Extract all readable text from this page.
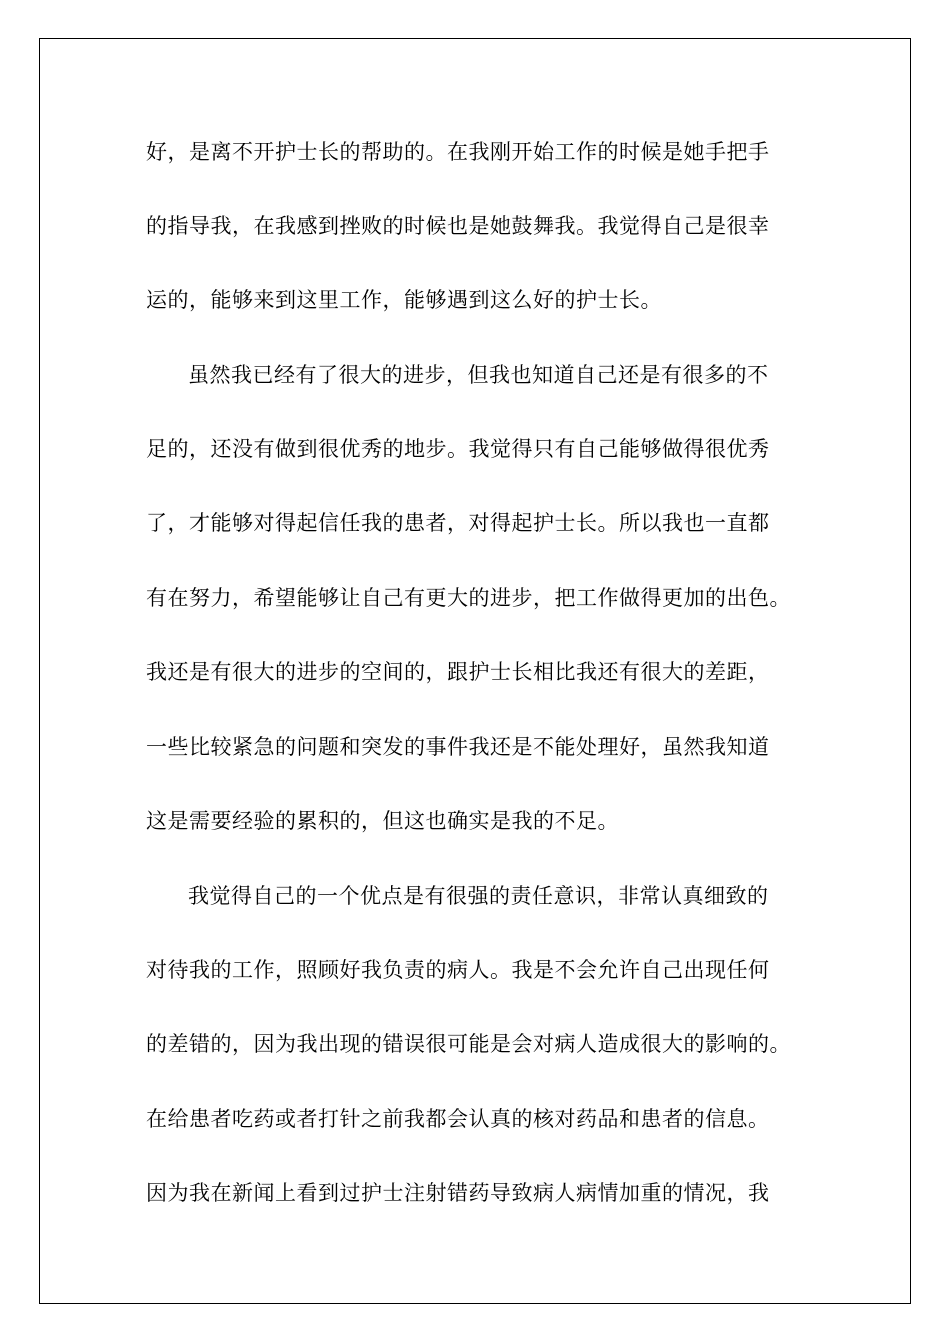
好，是离不开护士长的帮助的。在我刚开始工作的时候是她手把手
的指导我，在我感到挫败的时候也是她鼓舞我。我觉得自己是很幸
运的，能够来到这里工作，能够遇到这么好的护士长。
虽然我已经有了很大的进步，但我也知道自己还是有很多的不
足的，还没有做到很优秀的地步。我觉得只有自己能够做得很优秀
了，才能够对得起信任我的患者，对得起护士长。所以我也一直都
有在努力，希望能够让自己有更大的进步，把工作做得更加的出色。
我还是有很大的进步的空间的，跟护士长相比我还有很大的差距，
一些比较紧急的问题和突发的事件我还是不能处理好，虽然我知道
这是需要经验的累积的，但这也确实是我的不足。
我觉得自己的一个优点是有很强的责任意识，非常认真细致的
对待我的工作，照顾好我负责的病人。我是不会允许自己出现任何
的差错的，因为我出现的错误很可能是会对病人造成很大的影响的。
在给患者吃药或者打针之前我都会认真的核对药品和患者的信息。
因为我在新闻上看到过护士注射错药导致病人病情加重的情况，我
